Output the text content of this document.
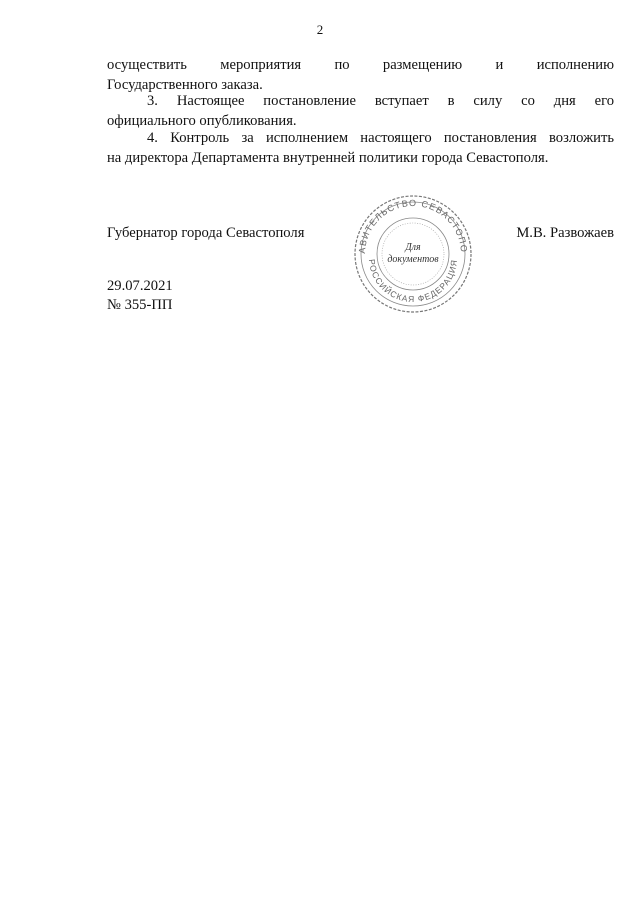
2
осуществить мероприятия по размещению и исполнению
Государственного заказа.
3. Настоящее постановление вступает в силу со дня его
официального опубликования.
4. Контроль за исполнением настоящего постановления возложить
на директора Департамента внутренней политики города Севастополя.
Губернатор города Севастополя	М.В. Развожаев
29.07.2021
№ 355-ПП
АВИТЕЛЬСТВО СЕВАСТОПО
РОССИЙСКАЯ ФЕДЕРАЦИЯ
Для
документов
